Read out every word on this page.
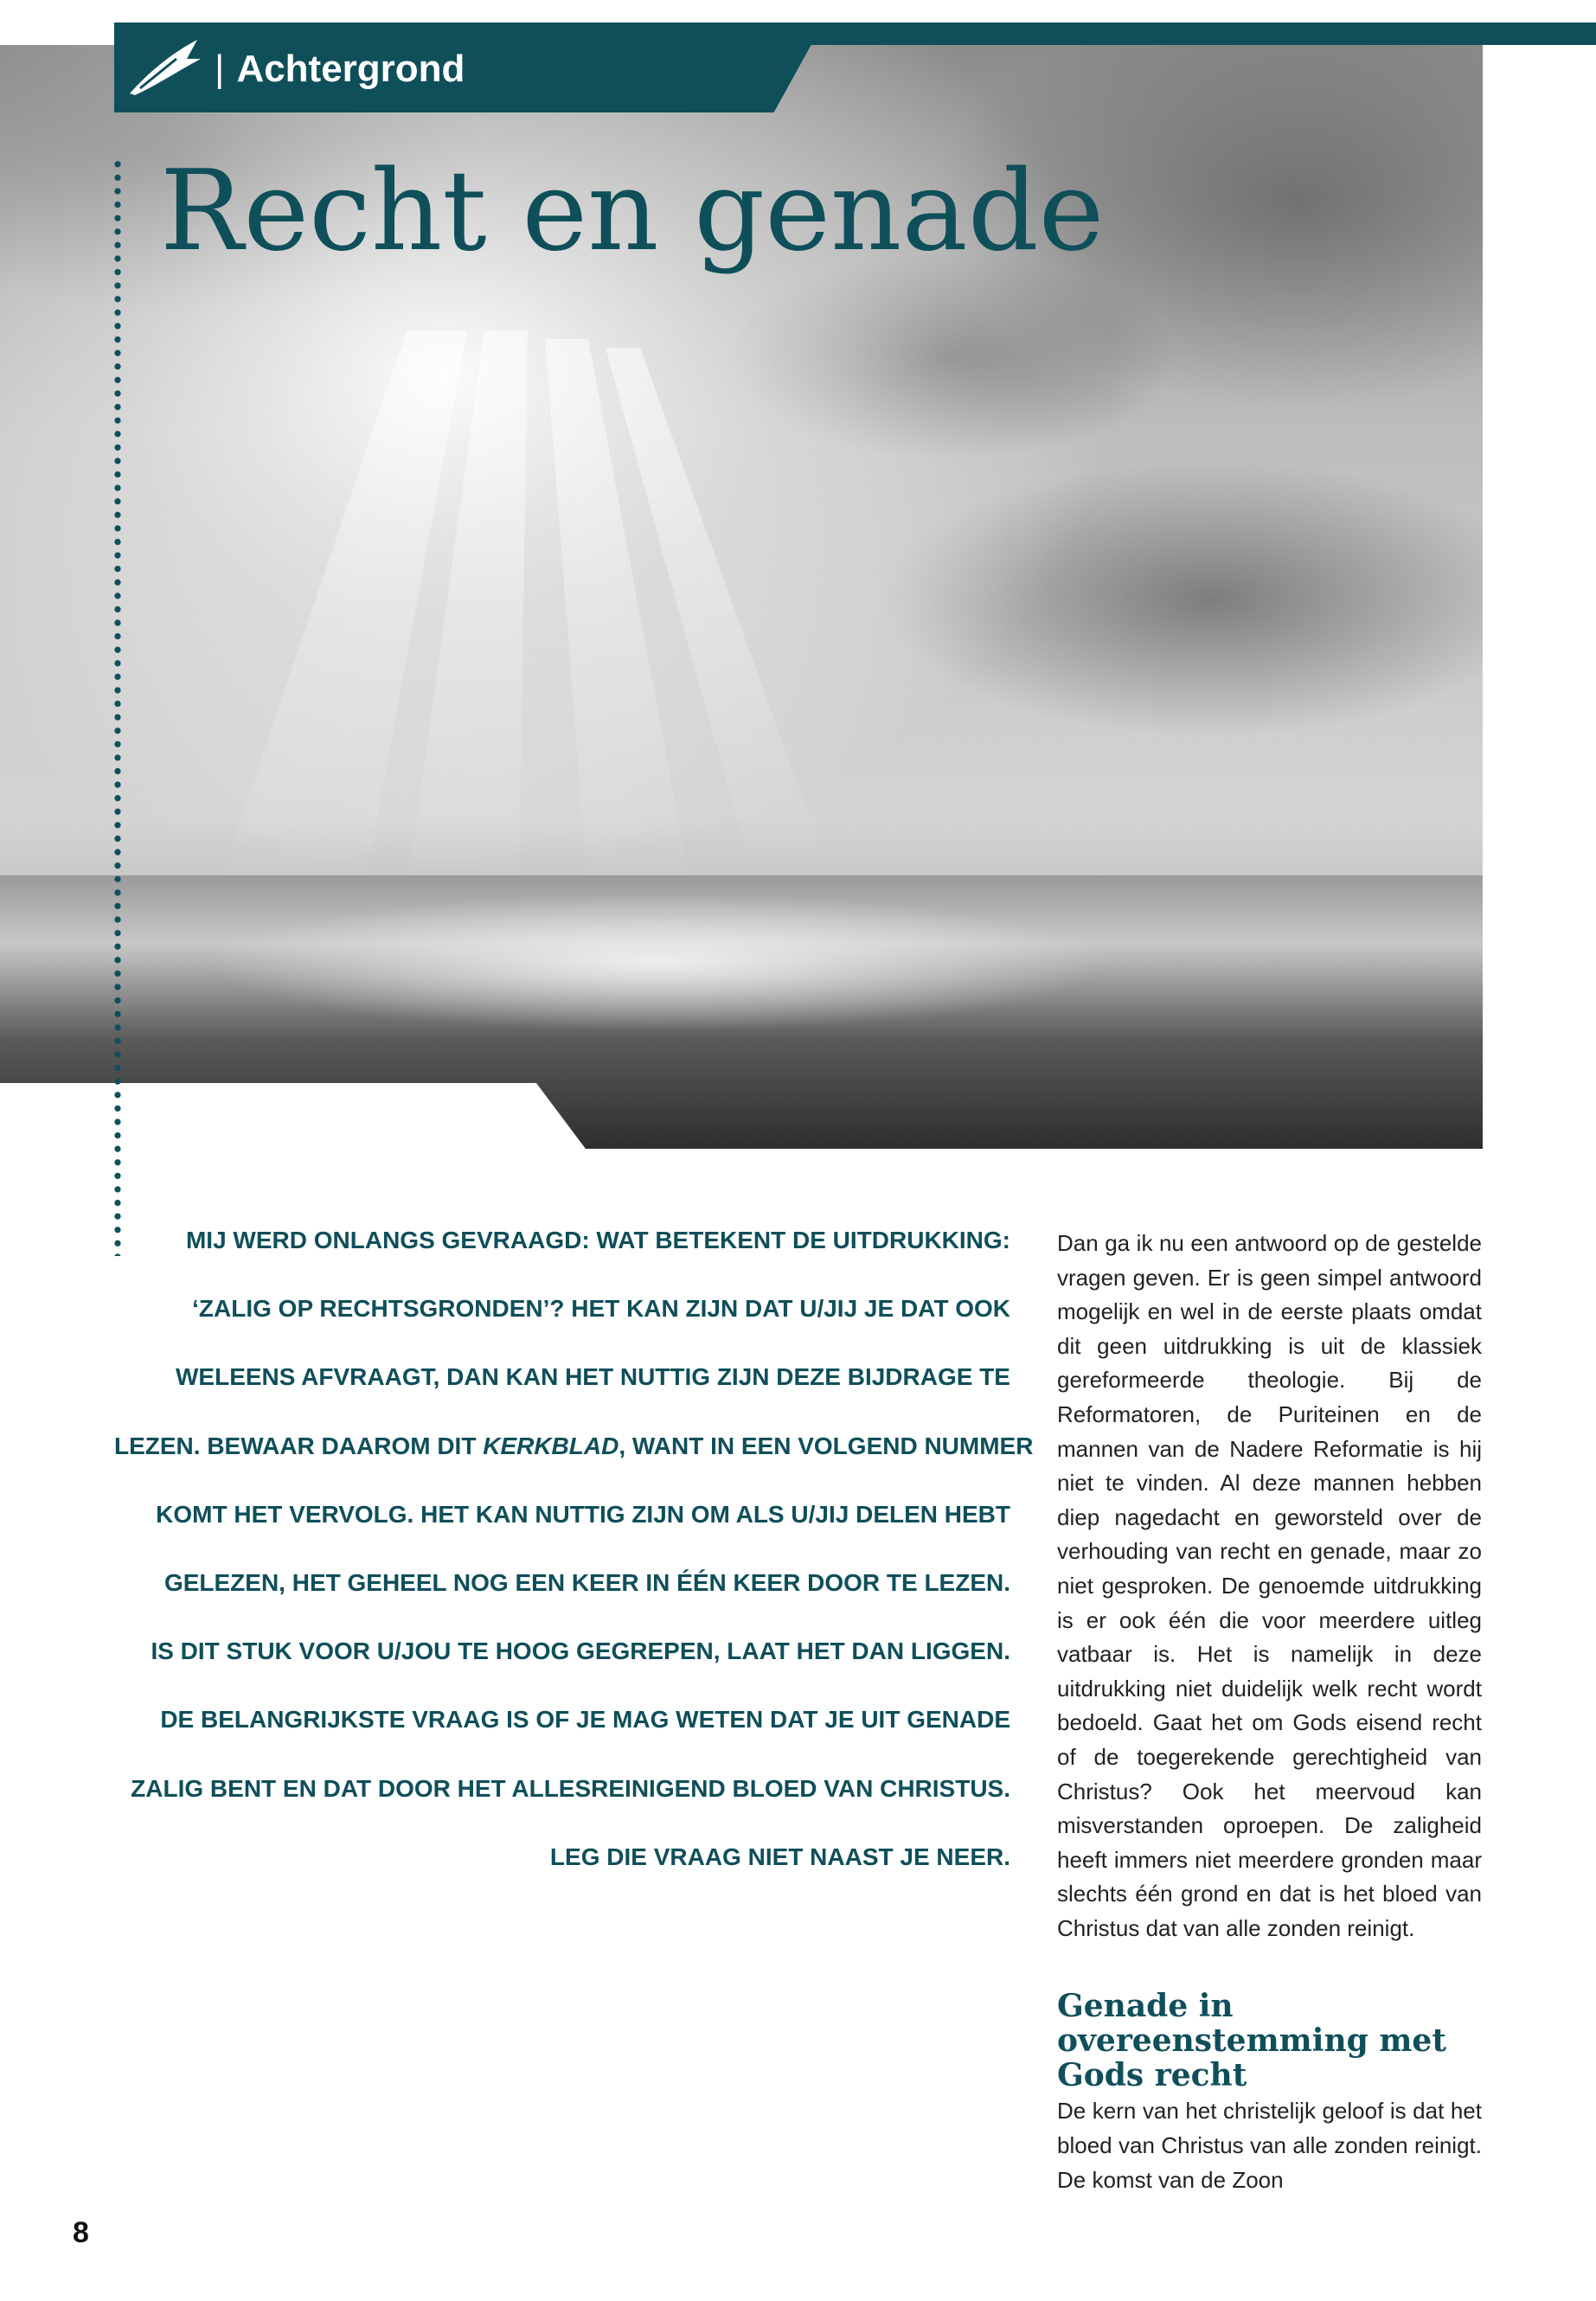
| Achtergrond
Recht en genade
MIJ WERD ONLANGS GEVRAAGD: WAT BETEKENT DE UITDRUKKING:
‘ZALIG OP RECHTSGRONDEN’? HET KAN ZIJN DAT U/JIJ JE DAT OOK
WELEENS AFVRAAGT, DAN KAN HET NUTTIG ZIJN DEZE BIJDRAGE TE
LEZEN. BEWAAR DAAROM DIT KERKBLAD, WANT IN EEN VOLGEND NUMMER
KOMT HET VERVOLG. HET KAN NUTTIG ZIJN OM ALS U/JIJ DELEN HEBT
GELEZEN, HET GEHEEL NOG EEN KEER IN ÉÉN KEER DOOR TE LEZEN.
IS DIT STUK VOOR U/JOU TE HOOG GEGREPEN, LAAT HET DAN LIGGEN.
DE BELANGRIJKSTE VRAAG IS OF JE MAG WETEN DAT JE UIT GENADE
ZALIG BENT EN DAT DOOR HET ALLESREINIGEND BLOED VAN CHRISTUS.
LEG DIE VRAAG NIET NAAST JE NEER.

Dan ga ik nu een antwoord op de gestelde vragen geven. Er is geen simpel antwoord mogelijk en wel in de eerste plaats omdat dit geen uitdrukking is uit de klassiek gereformeerde theologie. Bij de Reformatoren, de Puriteinen en de mannen van de Nadere Reformatie is hij niet te vinden. Al deze mannen hebben diep nagedacht en geworsteld over de verhouding van recht en genade, maar zo niet gesproken. De genoemde uitdrukking is er ook één die voor meerdere uitleg vatbaar is. Het is namelijk in deze uitdrukking niet duidelijk welk recht wordt bedoeld. Gaat het om Gods eisend recht of de toegerekende gerechtigheid van Christus? Ook het meervoud kan misverstanden oproepen. De zaligheid heeft immers niet meerdere gronden maar slechts één grond en dat is het bloed van Christus dat van alle zonden reinigt.

Genade in overeenstemming met Gods recht

De kern van het christelijk geloof is dat het bloed van Christus van alle zonden reinigt. De komst van de Zoon

8
